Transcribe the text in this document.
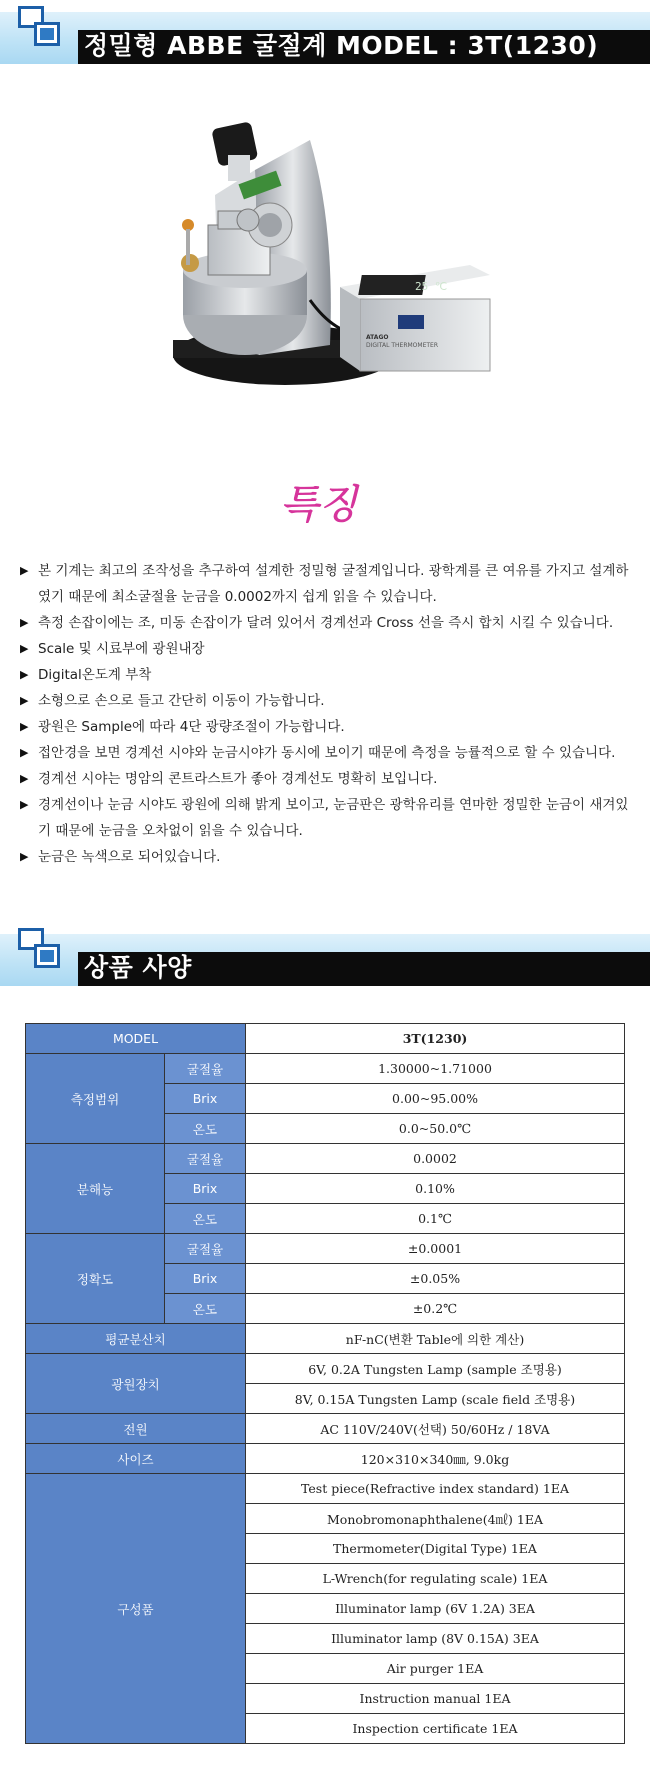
정밀형 ABBE 굴절계 MODEL : 3T(1230)
25 ℃
DIGITAL THERMOMETER
ATAGO
특징
▶ 본 기계는 최고의 조작성을 추구하여 설계한 정밀형 굴절계입니다. 광학계를 큰 여유를 가지고 설계하였기 때문에 최소굴절율 눈금을 0.0002까지 쉽게 읽을 수 있습니다.
▶ 측정 손잡이에는 조, 미동 손잡이가 달려 있어서 경계선과 Cross 선을 즉시 합치 시킬 수 있습니다.
▶ Scale 및 시료부에 광원내장
▶ Digital온도계 부착
▶ 소형으로 손으로 들고 간단히 이동이 가능합니다.
▶ 광원은 Sample에 따라 4단 광량조절이 가능합니다.
▶ 접안경을 보면 경계선 시야와 눈금시야가 동시에 보이기 때문에 측정을 능률적으로 할 수 있습니다.
▶ 경계선 시야는 명암의 콘트라스트가 좋아 경계선도 명확히 보입니다.
▶ 경계선이나 눈금 시야도 광원에 의해 밝게 보이고, 눈금판은 광학유리를 연마한 정밀한 눈금이 새겨있기 때문에 눈금을 오차없이 읽을 수 있습니다.
▶ 눈금은 녹색으로 되어있습니다.
상품 사양
MODEL		3T(1230)
측정범위	굴절율	1.30000~1.71000
	Brix	0.00~95.00%
	온도	0.0~50.0℃
분해능	굴절율	0.0002
	Brix	0.10%
	온도	0.1℃
정확도	굴절율	±0.0001
	Brix	±0.05%
	온도	±0.2℃
평균분산치		nF-nC(변환 Table에 의한 계산)
광원장치		6V, 0.2A Tungsten Lamp (sample 조명용)
		8V, 0.15A Tungsten Lamp (scale field 조명용)
전원		AC 110V/240V(선택) 50/60Hz / 18VA
사이즈		120×310×340㎜, 9.0kg
구성품		Test piece(Refractive index standard) 1EA
		Monobromonaphthalene(4㎖) 1EA
		Thermometer(Digital Type) 1EA
		L-Wrench(for regulating scale) 1EA
		Illuminator lamp (6V 1.2A) 3EA
		Illuminator lamp (8V 0.15A) 3EA
		Air purger 1EA
		Instruction manual 1EA
		Inspection certificate 1EA
